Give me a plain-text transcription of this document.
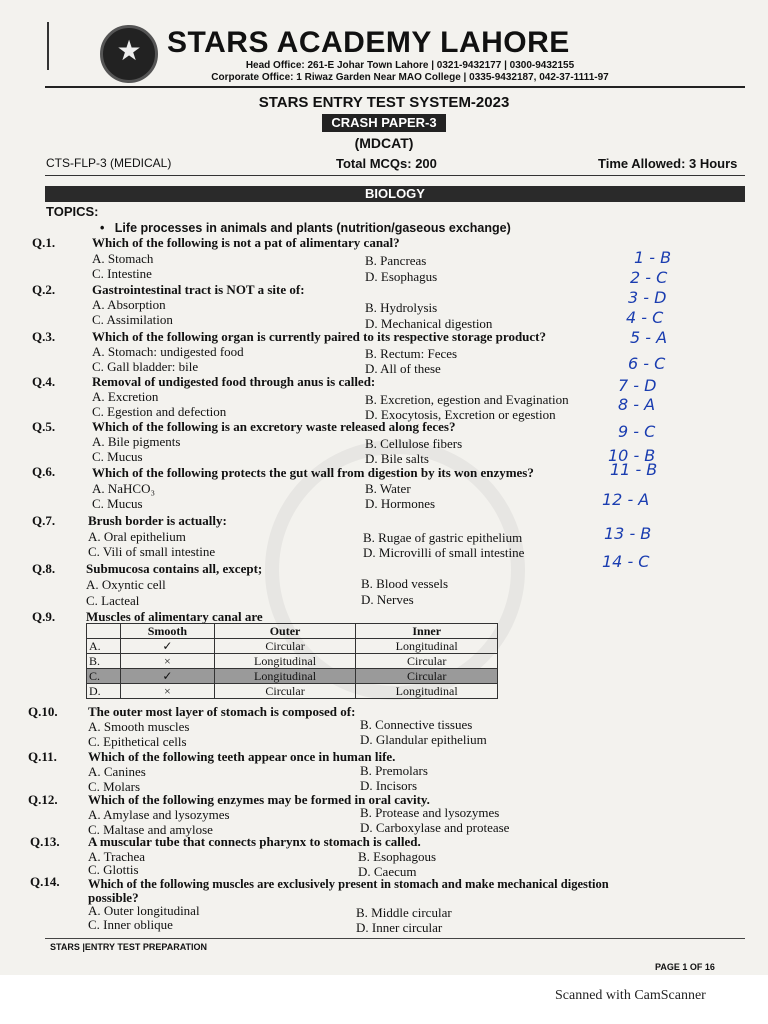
★ STARS ACADEMY LAHORE
Head Office: 261-E Johar Town Lahore | 0321-9432177 | 0300-9432155
Corporate Office: 1 Riwaz Garden Near MAO College | 0335-9432187, 042-37-1111-97
STARS ENTRY TEST SYSTEM-2023
CRASH PAPER-3
(MDCAT)
CTS-FLP-3 (MEDICAL)	Total MCQs: 200	Time Allowed: 3 Hours
BIOLOGY
TOPICS:
•   Life processes in animals and plants (nutrition/gaseous exchange)
Q.1.	Which of the following is not a pat of alimentary canal?
A. Stomach	B. Pancreas
C. Intestine	D. Esophagus
Q.2.	Gastrointestinal tract is NOT a site of:
A. Absorption	B. Hydrolysis
C. Assimilation	D. Mechanical digestion
Q.3.	Which of the following organ is currently paired to its respective storage product?
A. Stomach: undigested food	B. Rectum: Feces
C. Gall bladder: bile	D. All of these
Q.4.	Removal of undigested food through anus is called:
A. Excretion	B. Excretion, egestion and Evagination
C. Egestion and defection	D. Exocytosis, Excretion or egestion
Q.5.	Which of the following is an excretory waste released along feces?
A. Bile pigments	B. Cellulose fibers
C. Mucus	D. Bile salts
Q.6.	Which of the following protects the gut wall from digestion by its won enzymes?
A. NaHCO₃	B. Water
C. Mucus	D. Hormones
Q.7.	Brush border is actually:
A. Oral epithelium	B. Rugae of gastric epithelium
C. Vili of small intestine	D. Microvilli of small intestine
Q.8. Submucosa contains all, except;
A. Oxyntic cell	B. Blood vessels
C. Lacteal	D. Nerves
Q.9. Muscles of alimentary canal are
	Smooth	Outer	Inner
A.	✓	Circular	Longitudinal
B.	×	Longitudinal	Circular
C.	✓	Longitudinal	Circular
D.	×	Circular	Longitudinal
Q.10. The outer most layer of stomach is composed of:
A. Smooth muscles	B. Connective tissues
C. Epithetical cells	D. Glandular epithelium
Q.11. Which of the following teeth appear once in human life.
A. Canines	B. Premolars
C. Molars	D. Incisors
Q.12. Which of the following enzymes may be formed in oral cavity.
A. Amylase and lysozymes	B. Protease and lysozymes
C. Maltase and amylose	D. Carboxylase and protease
Q.13. A muscular tube that connects pharynx to stomach is called.
A. Trachea	B. Esophagous
C. Glottis	D. Caecum
Q.14. Which of the following muscles are exclusively present in stomach and make mechanical digestion
possible?
A. Outer longitudinal	B. Middle circular
C. Inner oblique	D. Inner circular
1 - B
2 - C
3 - D
4 - C
5 - A
6 - C
7 - D
8 - A
9 - C
10 - B
11 - B
12 - A
13 - B
14 - C
STARS |ENTRY TEST PREPARATION
PAGE 1 OF 16
Scanned with CamScanner
